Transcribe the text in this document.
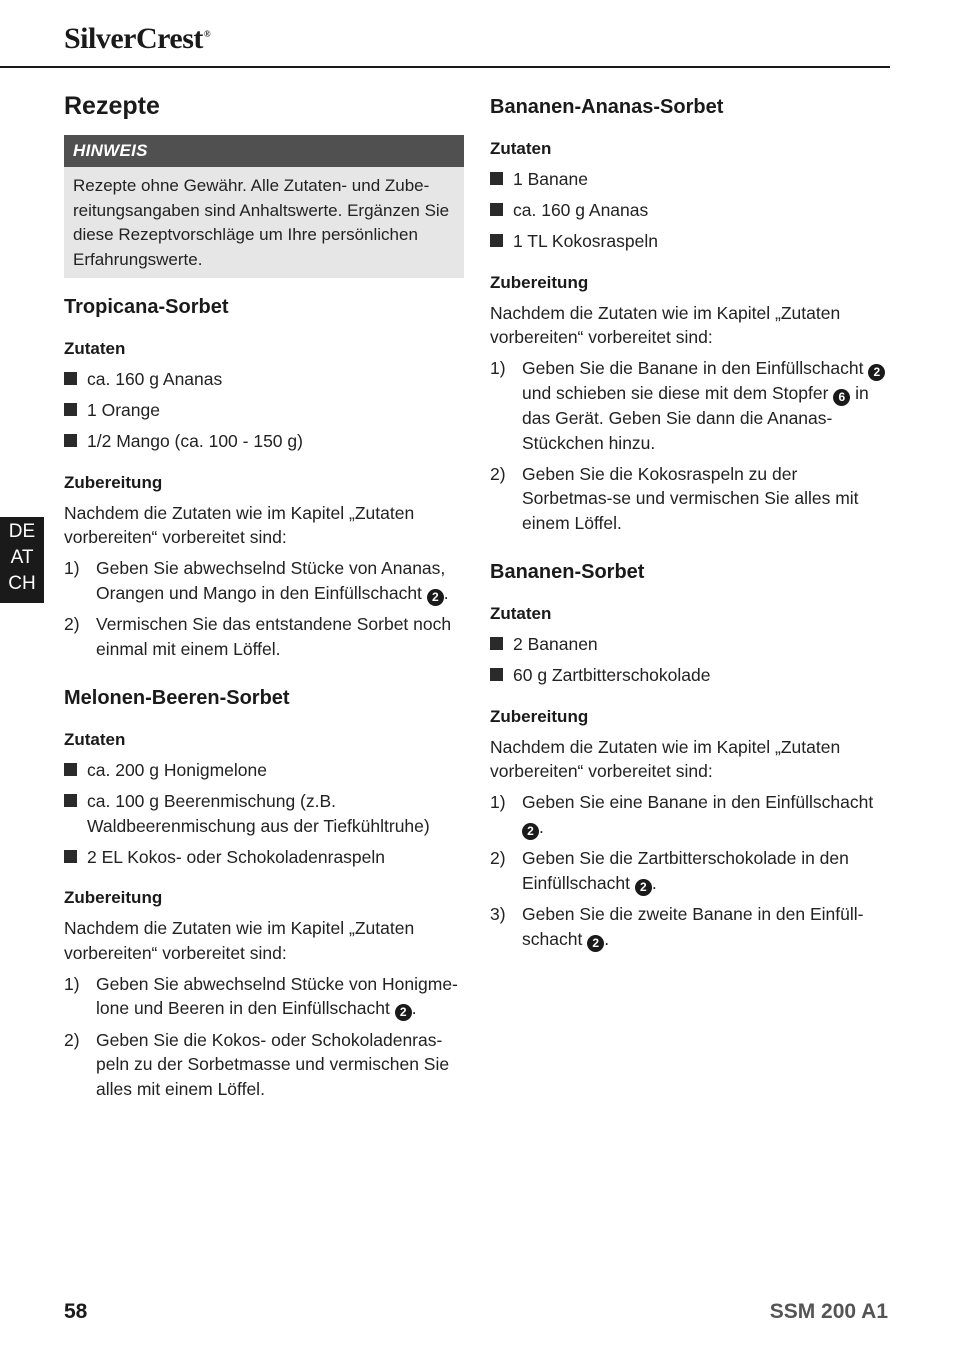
SilverCrest®
DE
AT
CH
Rezepte
HINWEIS
Rezepte ohne Gewähr. Alle Zutaten- und Zube-reitungsangaben sind Anhaltswerte. Ergänzen Sie diese Rezeptvorschläge um Ihre persönlichen Erfahrungswerte.
Tropicana-Sorbet
Zutaten
ca. 160 g Ananas
1 Orange
1/2 Mango (ca. 100 - 150 g)
Zubereitung

Nachdem die Zutaten wie im Kapitel „Zutaten vorbereiten“ vorbereitet sind:

1) Geben Sie abwechselnd Stücke von Ananas, Orangen und Mango in den Einfüllschacht 2 .
2) Vermischen Sie das entstandene Sorbet noch einmal mit einem Löffel.
Melonen-Beeren-Sorbet
Zutaten
ca. 200 g Honigmelone
ca. 100 g Beerenmischung (z.B. Waldbeerenmischung aus der Tiefkühltruhe)
2 EL Kokos- oder Schokoladenraspeln
Zubereitung

Nachdem die Zutaten wie im Kapitel „Zutaten vorbereiten“ vorbereitet sind:

1) Geben Sie abwechselnd Stücke von Honigme-lone und Beeren in den Einfüllschacht 2 .
2) Geben Sie die Kokos- oder Schokoladenras-peln zu der Sorbetmasse und vermischen Sie alles mit einem Löffel.
Bananen-Ananas-Sorbet
Zutaten
1 Banane
ca. 160 g Ananas
1 TL Kokosraspeln
Zubereitung

Nachdem die Zutaten wie im Kapitel „Zutaten vorbereiten“ vorbereitet sind:

1) Geben Sie die Banane in den Einfüllschacht 2 und schieben sie diese mit dem Stopfer 6 in das Gerät. Geben Sie dann die Ananas-Stückchen hinzu.
2) Geben Sie die Kokosraspeln zu der Sorbetmas-se und vermischen Sie alles mit einem Löffel.
Bananen-Sorbet
Zutaten
2 Bananen
60 g Zartbitterschokolade
Zubereitung

Nachdem die Zutaten wie im Kapitel „Zutaten vorbereiten“ vorbereitet sind:

1) Geben Sie eine Banane in den Einfüllschacht 2 .
2) Geben Sie die Zartbitterschokolade in den Einfüllschacht 2 .
3) Geben Sie die zweite Banane in den Einfüll-schacht 2 .
58	SSM 200 A1
